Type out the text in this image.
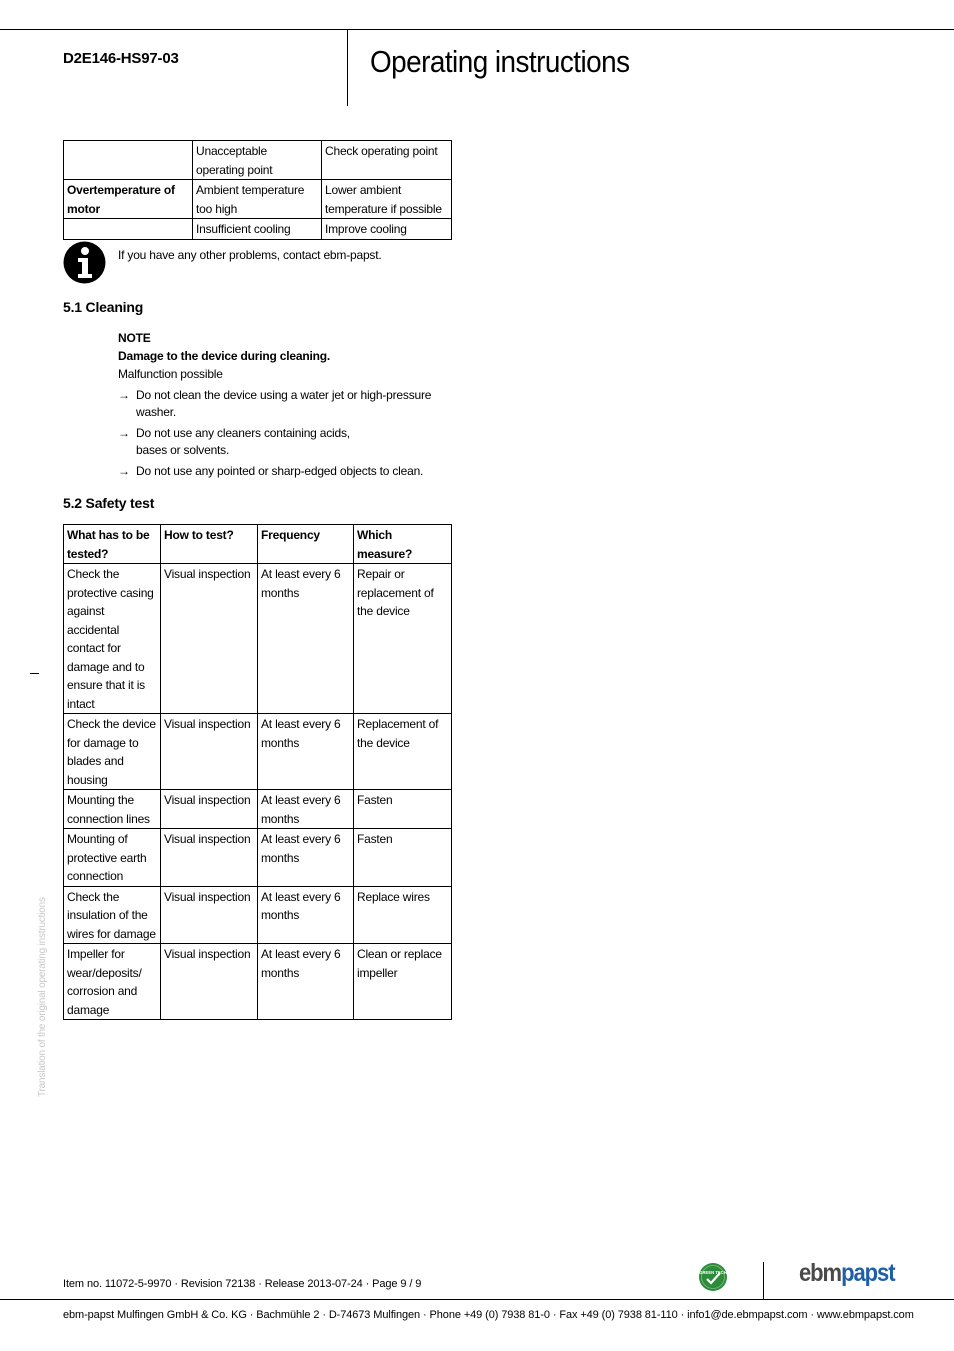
D2E146-HS97-03	Operating instructions
	Unacceptable operating point	Check operating point
Overtemperature of motor	Ambient temperature too high	Lower ambient temperature if possible
	Insufficient cooling	Improve cooling
If you have any other problems, contact ebm-papst.
5.1 Cleaning
NOTE
Damage to the device during cleaning.
Malfunction possible
→ Do not clean the device using a water jet or high-pressure washer.
→ Do not use any cleaners containing acids, bases or solvents.
→ Do not use any pointed or sharp-edged objects to clean.
5.2 Safety test
What has to be tested?	How to test?	Frequency	Which measure?
Check the protective casing against accidental contact for damage and to ensure that it is intact	Visual inspection	At least every 6 months	Repair or replacement of the device
Check the device for damage to blades and housing	Visual inspection	At least every 6 months	Replacement of the device
Mounting the connection lines	Visual inspection	At least every 6 months	Fasten
Mounting of protective earth connection	Visual inspection	At least every 6 months	Fasten
Check the insulation of the wires for damage	Visual inspection	At least every 6 months	Replace wires
Impeller for wear/deposits/ corrosion and damage	Visual inspection	At least every 6 months	Clean or replace impeller
Translation of the original operating instructions
Item no. 11072-5-9970 · Revision 72138 · Release 2013-07-24 · Page 9 / 9
GREEN TECH	ebmpapst
ebm-papst Mulfingen GmbH & Co. KG · Bachmühle 2 · D-74673 Mulfingen · Phone +49 (0) 7938 81-0 · Fax +49 (0) 7938 81-110 · info1@de.ebmpapst.com · www.ebmpapst.com
